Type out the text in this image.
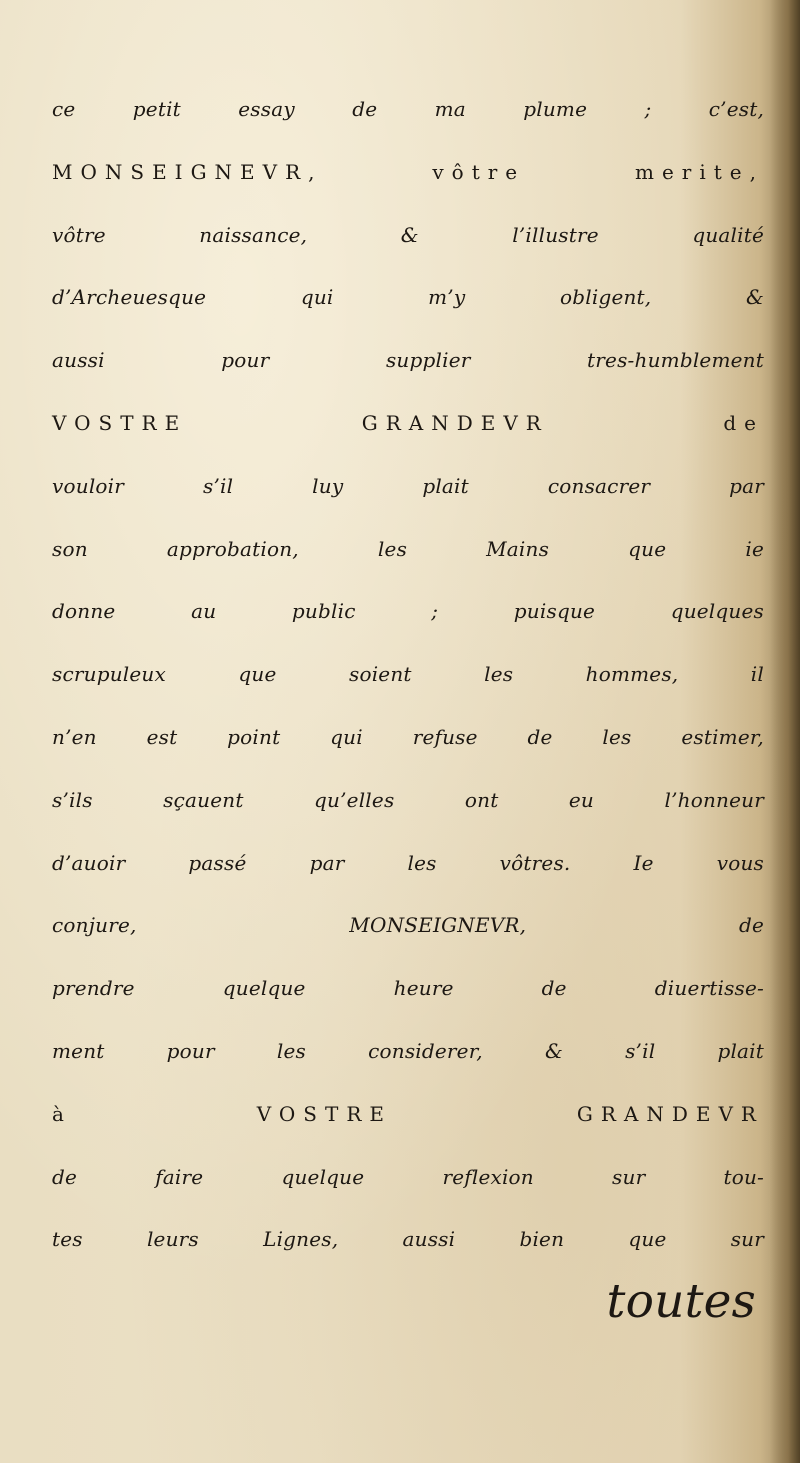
ce petit essay de ma plume ; c’est,
MONSEIGNEVR, vôtre merite,
vôtre naissance, & l’illustre qualité
d’Archeuesque qui m’y obligent, &
aussi pour supplier tres-humblement
VOSTRE GRANDEVR de
vouloir s’il luy plait consacrer par
son approbation, les Mains que ie
donne au public ; puisque quelques
scrupuleux que soient les hommes, il
n’en est point qui refuse de les estimer,
s’ils sçauent qu’elles ont eu l’honneur
d’auoir passé par les vôtres. Ie vous
conjure, MONSEIGNEVR, de
prendre quelque heure de diuertisse-
ment pour les considerer, & s’il plait
à VOSTRE GRANDEVR
de faire quelque reflexion sur tou-
tes leurs Lignes, aussi bien que sur
toutes
